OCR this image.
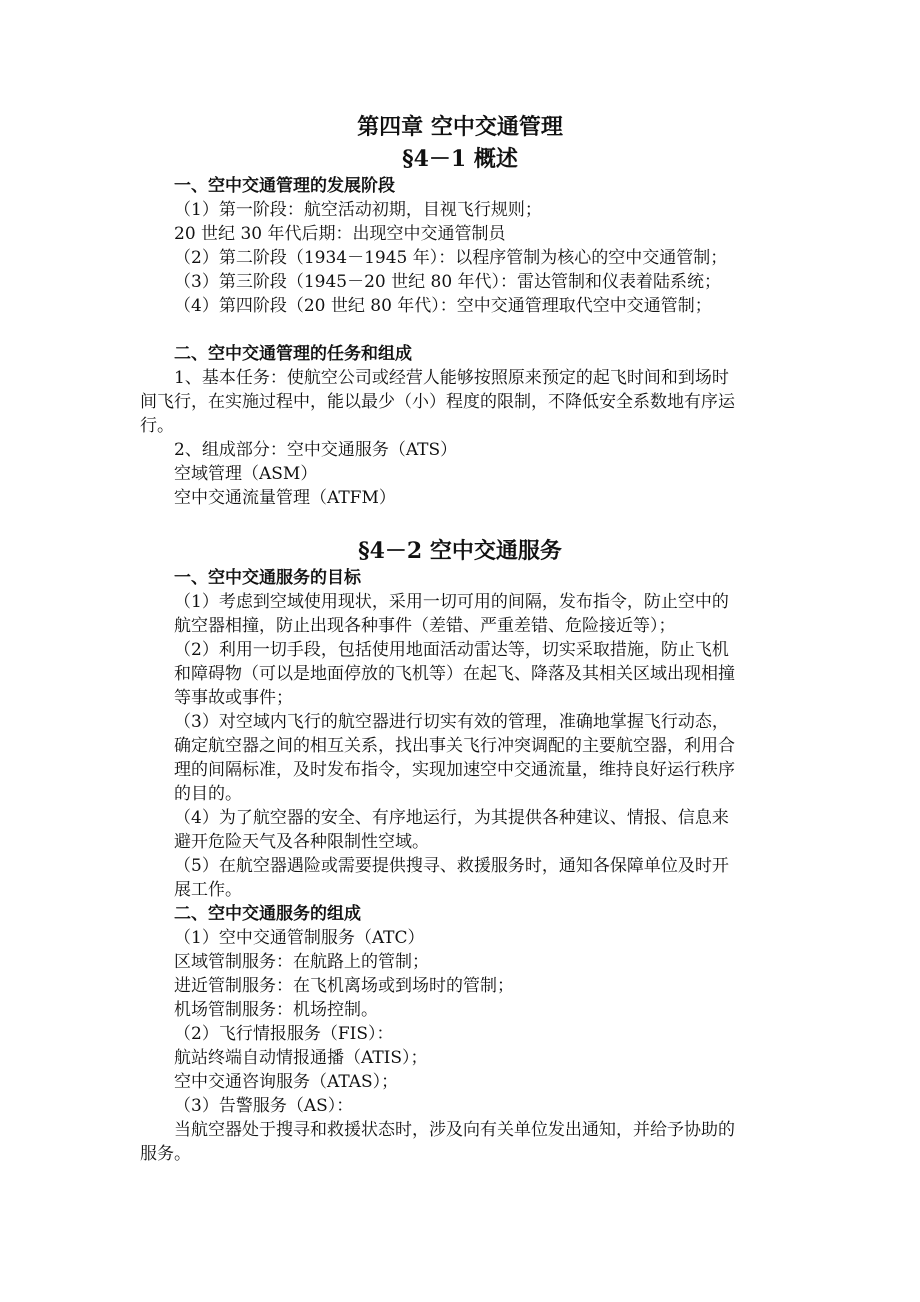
第四章 空中交通管理
§4－1 概述
一、空中交通管理的发展阶段
（1）第一阶段：航空活动初期，目视飞行规则；
20 世纪 30 年代后期：出现空中交通管制员
（2）第二阶段（1934－1945 年）：以程序管制为核心的空中交通管制；
（3）第三阶段（1945－20 世纪 80 年代）：雷达管制和仪表着陆系统；
（4）第四阶段（20 世纪 80 年代）：空中交通管理取代空中交通管制；
二、空中交通管理的任务和组成
1、基本任务：使航空公司或经营人能够按照原来预定的起飞时间和到场时
间飞行，在实施过程中，能以最少（小）程度的限制，不降低安全系数地有序运
行。
2、组成部分：空中交通服务（ATS）
空域管理（ASM）
空中交通流量管理（ATFM）
§4－2 空中交通服务
一、空中交通服务的目标
（1）考虑到空域使用现状，采用一切可用的间隔，发布指令，防止空中的
航空器相撞，防止出现各种事件（差错、严重差错、危险接近等）；
（2）利用一切手段，包括使用地面活动雷达等，切实采取措施，防止飞机
和障碍物（可以是地面停放的飞机等）在起飞、降落及其相关区域出现相撞
等事故或事件；
（3）对空域内飞行的航空器进行切实有效的管理，准确地掌握飞行动态，
确定航空器之间的相互关系，找出事关飞行冲突调配的主要航空器，利用合
理的间隔标准，及时发布指令，实现加速空中交通流量，维持良好运行秩序
的目的。
（4）为了航空器的安全、有序地运行，为其提供各种建议、情报、信息来
避开危险天气及各种限制性空域。
（5）在航空器遇险或需要提供搜寻、救援服务时，通知各保障单位及时开
展工作。
二、空中交通服务的组成
（1）空中交通管制服务（ATC）
区域管制服务：在航路上的管制；
进近管制服务：在飞机离场或到场时的管制；
机场管制服务：机场控制。
（2）飞行情报服务（FIS）：
航站终端自动情报通播（ATIS）；
空中交通咨询服务（ATAS）；
（3）告警服务（AS）：
当航空器处于搜寻和救援状态时，涉及向有关单位发出通知，并给予协助的
服务。
